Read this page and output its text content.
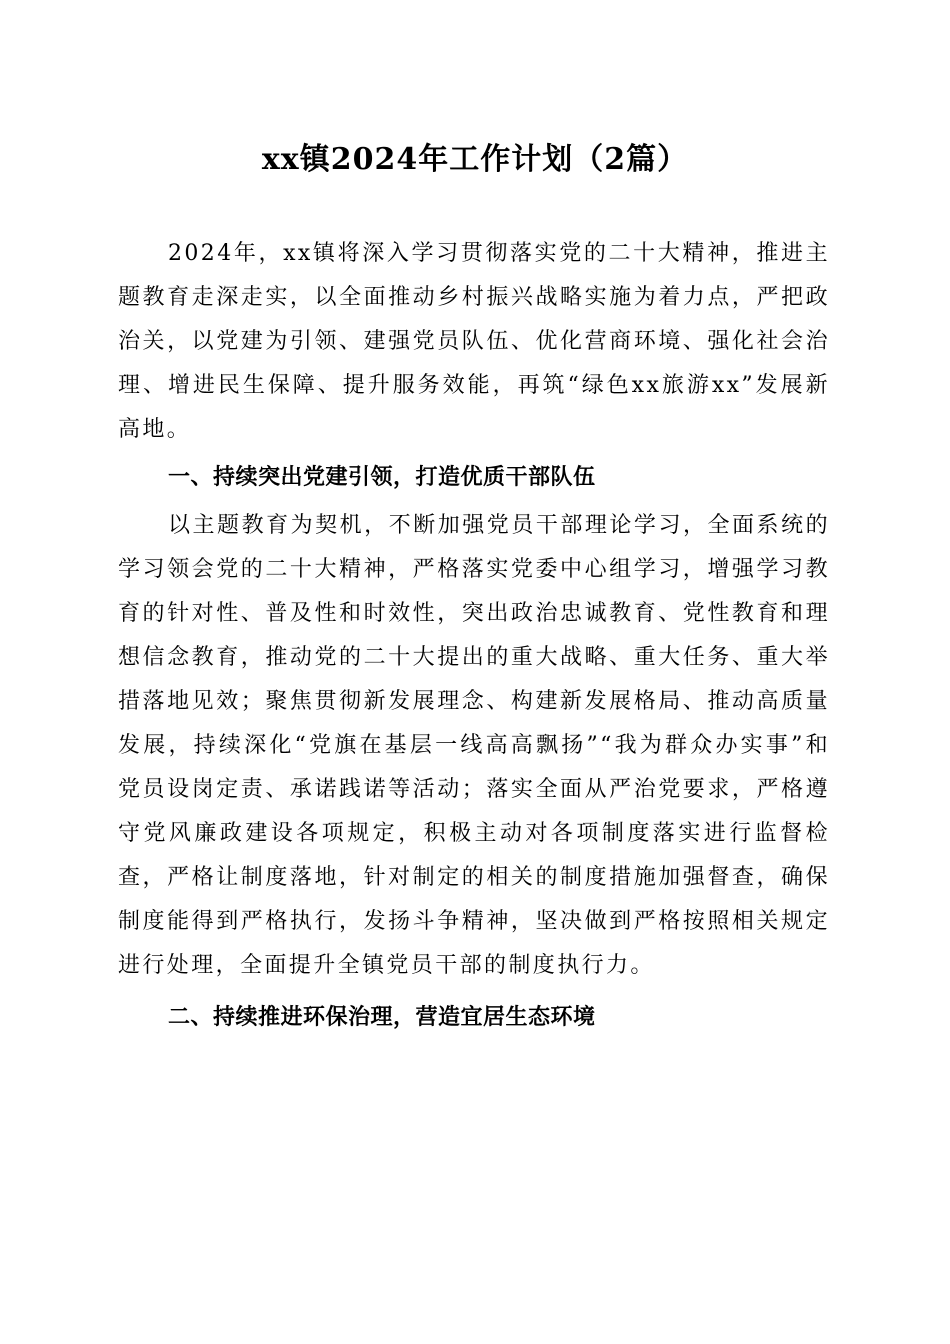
xx镇2024年工作计划（2篇）

2024年，xx镇将深入学习贯彻落实党的二十大精神，推进主题教育走深走实，以全面推动乡村振兴战略实施为着力点，严把政治关，以党建为引领、建强党员队伍、优化营商环境、强化社会治理、增进民生保障、提升服务效能，再筑“绿色xx旅游xx”发展新高地。

一、持续突出党建引领，打造优质干部队伍

以主题教育为契机，不断加强党员干部理论学习，全面系统的学习领会党的二十大精神，严格落实党委中心组学习，增强学习教育的针对性、普及性和时效性，突出政治忠诚教育、党性教育和理想信念教育，推动党的二十大提出的重大战略、重大任务、重大举措落地见效；聚焦贯彻新发展理念、构建新发展格局、推动高质量发展，持续深化“党旗在基层一线高高飘扬”“我为群众办实事”和党员设岗定责、承诺践诺等活动；落实全面从严治党要求，严格遵守党风廉政建设各项规定，积极主动对各项制度落实进行监督检查，严格让制度落地，针对制定的相关的制度措施加强督查，确保制度能得到严格执行，发扬斗争精神，坚决做到严格按照相关规定进行处理，全面提升全镇党员干部的制度执行力。

二、持续推进环保治理，营造宜居生态环境
